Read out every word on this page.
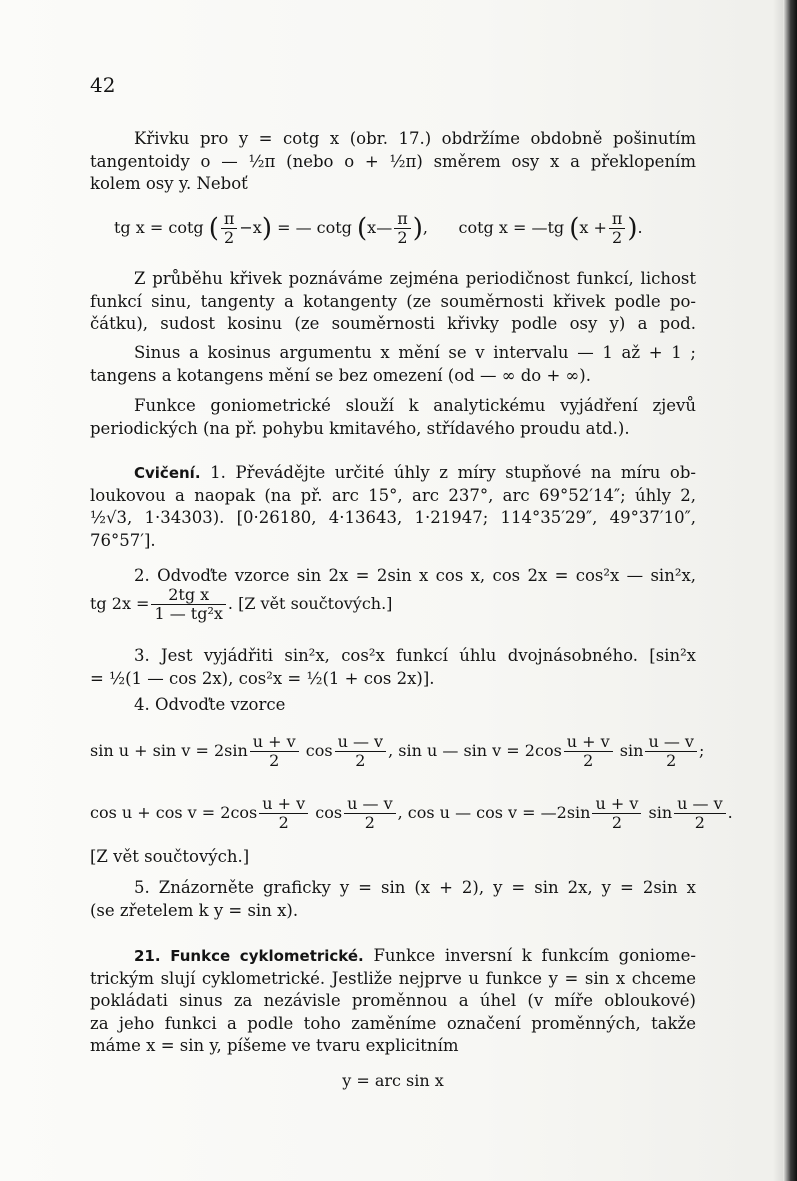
42
Křivku pro y = cotg x (obr. 17.) obdržíme obdobně pošinutím
tangentoidy o — ½π (nebo o + ½π) směrem osy x a překlopením
kolem osy y. Neboť
tg x = cotg ( $\frac{\pi}{2} -x$) = — cotg (x— $\frac{\pi}{2}$ ), cotg x = —tg ($x + \frac{\pi}{2}$ ).
Z průběhu křivek poznáváme zejména periodičnost funkcí, lichost
funkcí sinu, tangenty a kotangenty (ze souměrnosti křivek podle po-
čátku), sudost kosinu (ze souměrnosti křivky podle osy y) a pod.
Sinus a kosinus argumentu x mění se v intervalu — 1 až + 1 ;
tangens a kotangens mění se bez omezení (od — ∞ do + ∞).
Funkce goniometrické slouží k analytickému vyjádření zjevů
periodických (na př. pohybu kmitavého, střídavého proudu atd.).
Cvičení. 1. Převádějte určité úhly z míry stupňové na míru ob-
loukovou a naopak (na př. arc 15°, arc 237°, arc 69°52′14″; úhly 2,
½√3, 1·34303). [0·26180, 4·13643, 1·21947; 114°35′29″, 49°37′10″,
76°57′].
2. Odvoďte vzorce sin 2x = 2sin x cos x, cos 2x = cos²x — sin²x,
tg $2x = \frac{\text{2tg x}}{\text{1 — tg²x}}$ . [Z vět součtových.]
3. Jest vyjádřiti sin²x, cos²x funkcí úhlu dvojnásobného. [sin²x
= ½(1 — cos 2x), cos²x = ½(1 + cos 2x)].
4. Odvoďte vzorce
$\sin u + \sin v = 2\sin \frac{u + v}{2}$ $\cos \frac{u — v}{2}$ , sin u — $\sin v = 2\cos \frac{u + v}{2}$ $\sin \frac{u — v}{2}$ ;
$\cos u + \cos v = 2\cos \frac{u + v}{2}$ $\cos \frac{u — v}{2}$ , cos u — cos v = —2sin $\frac{u + v}{2}$ $\sin \frac{u — v}{2}$ .
[Z vět součtových.]
5. Znázorněte graficky y = sin (x + 2), y = sin 2x, y = 2sin x
(se zřetelem k y = sin x).
21. Funkce cyklometrické. Funkce inversní k funkcím goniome-
trickým slují cyklometrické. Jestliže nejprve u funkce y = sin x chceme
pokládati sinus za nezávisle proměnnou a úhel (v míře obloukové)
za jeho funkci a podle toho zaměníme označení proměnných, takže
máme x = sin y, píšeme ve tvaru explicitním
y = arc sin x
